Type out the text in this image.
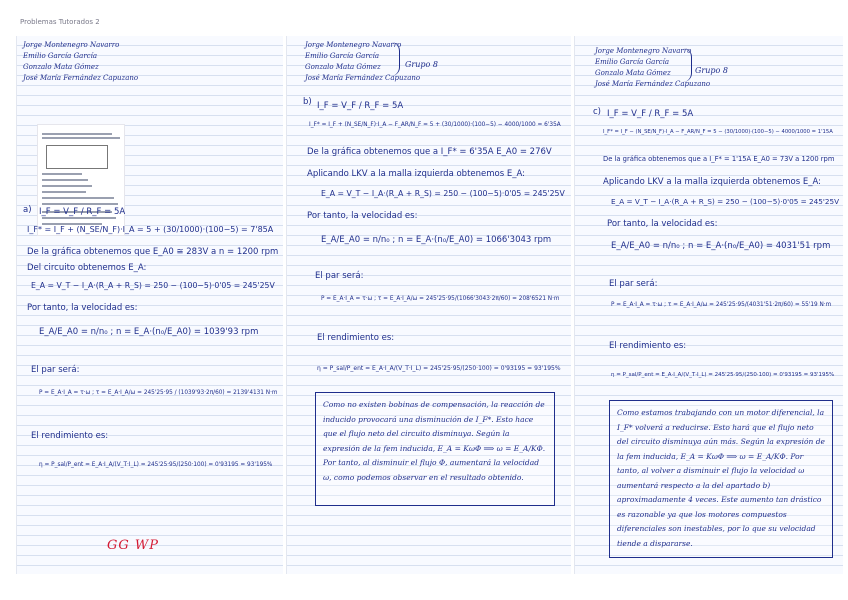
Problemas Tutorados 2
Jorge Montenegro Navarro
Emilio García García
Gonzalo Mata Gómez
José María Fernández Capuzano
a) I_F = V_F / R_F = 5A
I_F* = I_F + (N_SE/N_F)·I_A = 5 + (30/1000)·(100−5) = 7'85A
De la gráfica obtenemos que E_A0 ≅ 283V a n = 1200 rpm
Del circuito obtenemos E_A:
E_A = V_T − I_A·(R_A + R_S) = 250 − (100−5)·0'05 = 245'25V
Por tanto, la velocidad es:
E_A/E_A0 = n/n₀ ; n = E_A·(n₀/E_A0) = 1039'93 rpm
El par será:
P = E_A·I_A = τ·ω ; τ = E_A·I_A/ω = 245'25·95 / (1039'93·2π/60) = 2139'4131 N·m
El rendimiento es:
η = P_sal/P_ent = E_A·I_A/(V_T·I_L) = 245'25·95/(250·100) = 0'93195 = 93'195%
GG WP
Jorge Montenegro Navarro
Emilio García García
Gonzalo Mata Gómez
José María Fernández Capuzano
Grupo 8
b) I_F = V_F / R_F = 5A
I_F* = I_F + (N_SE/N_F)·I_A − F_AR/N_F = 5 + (30/1000)·(100−5) − 4000/1000 = 6'35A
De la gráfica obtenemos que a I_F* = 6'35A E_A0 = 276V
Aplicando LKV a la malla izquierda obtenemos E_A:
E_A = V_T − I_A·(R_A + R_S) = 250 − (100−5)·0'05 = 245'25V
Por tanto, la velocidad es:
E_A/E_A0 = n/n₀ ; n = E_A·(n₀/E_A0) = 1066'3043 rpm
El par será:
P = E_A·I_A = τ·ω ; τ = E_A·I_A/ω = 245'25·95/(1066'3043·2π/60) = 208'6521 N·m
El rendimiento es:
η = P_sal/P_ent = E_A·I_A/(V_T·I_L) = 245'25·95/(250·100) = 0'93195 = 93'195%

Como no existen bobinas de compensación, la reacción de inducido provocará una disminución de I_F*. Esto hace que el flujo neto del circuito disminuya. Según la expresión de la fem inducida, E_A = KωΦ ⟹ ω = E_A/KΦ. Por tanto, al disminuir el flujo Φ, aumentará la velocidad ω, como podemos observar en el resultado obtenido.

Jorge Montenegro Navarro
Emilio García García
Gonzalo Mata Gómez
José María Fernández Capuzano
Grupo 8
c) I_F = V_F / R_F = 5A
I_F* = I_F − (N_SE/N_F)·I_A − F_AR/N_F = 5 − (30/1000)·(100−5) − 4000/1000 = 1'15A
De la gráfica obtenemos que a I_F* = 1'15A E_A0 = 73V a 1200 rpm
Aplicando LKV a la malla izquierda obtenemos E_A:
E_A = V_T − I_A·(R_A + R_S) = 250 − (100−5)·0'05 = 245'25V
Por tanto, la velocidad es:
E_A/E_A0 = n/n₀ ; n = E_A·(n₀/E_A0) = 4031'51 rpm
El par será:
P = E_A·I_A = τ·ω ; τ = E_A·I_A/ω = 245'25·95/(4031'51·2π/60) = 55'19 N·m
El rendimiento es:
η = P_sal/P_ent = E_A·I_A/(V_T·I_L) = 245'25·95/(250·100) = 0'93195 = 93'195%

Como estamos trabajando con un motor diferencial, la I_F* volverá a reducirse. Esto hará que el flujo neto del circuito disminuya aún más. Según la expresión de la fem inducida, E_A = KωΦ ⟹ ω = E_A/KΦ. Por tanto, al volver a disminuir el flujo la velocidad ω aumentará respecto a la del apartado b) aproximadamente 4 veces. Este aumento tan drástico es razonable ya que los motores compuestos diferenciales son inestables, por lo que su velocidad tiende a dispararse.
